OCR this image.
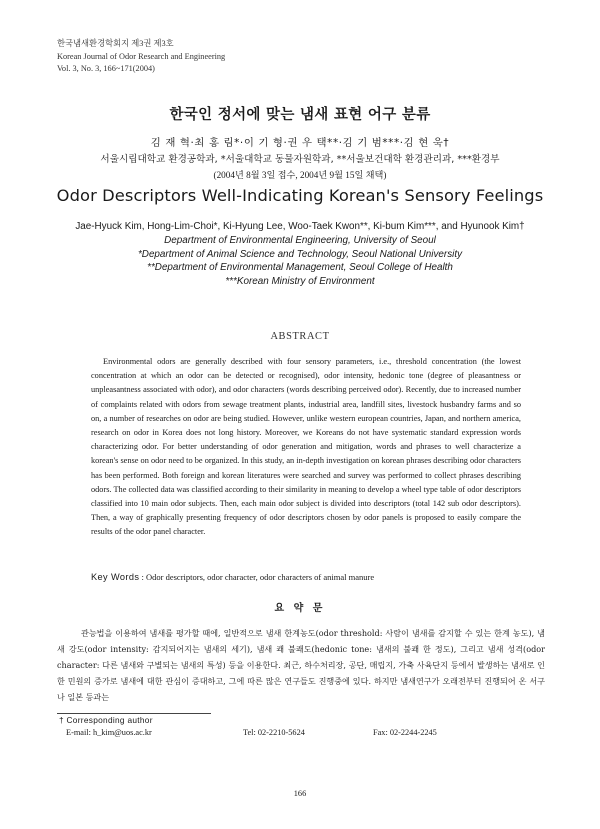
한국냄새환경학회지 제3권 제3호
Korean Journal of Odor Research and Engineering
Vol. 3, No. 3, 166~171(2004)
한국인 정서에 맞는 냄새 표현 어구 분류
김 재 혁·최 홍 림*·이 기 형·권 우 택**·김 기 범***·김 현 욱†
서울시립대학교 환경공학과, *서울대학교 동물자원학과, **서울보건대학 환경관리과, ***환경부
(2004년 8월 3일 접수, 2004년 9월 15일 채택)
Odor Descriptors Well-Indicating Korean's Sensory Feelings
Jae-Hyuck Kim, Hong-Lim-Choi*, Ki-Hyung Lee, Woo-Taek Kwon**, Ki-bum Kim***, and Hyunook Kim†
Department of Environmental Engineering, University of Seoul
*Department of Animal Science and Technology, Seoul National University
**Department of Environmental Management, Seoul College of Health
***Korean Ministry of Environment
ABSTRACT
Environmental odors are generally described with four sensory parameters, i.e., threshold concentration (the lowest concentration at which an odor can be detected or recognised), odor intensity, hedonic tone (degree of pleasantness or unpleasantness associated with odor), and odor characters (words describing perceived odor). Recently, due to increased number of complaints related with odors from sewage treatment plants, industrial area, landfill sites, livestock husbandry farms and so on, a number of researches on odor are being studied. However, unlike western european countries, Japan, and northern america, research on odor in Korea does not long history. Moreover, we Koreans do not have systematic standard expression words characterizing odor. For better understanding of odor generation and mitigation, words and phrases to well characterize a korean's sense on odor need to be organized. In this study, an in-depth investigation on korean phrases describing odor characters has been performed. Both foreign and korean literatures were searched and survey was performed to collect phrases describing odors. The collected data was classified according to their similarity in meaning to develop a wheel type table of odor descriptors classified into 10 main odor subjects. Then, each main odor subject is divided into descriptors (total 142 sub odor descriptors). Then, a way of graphically presenting frequency of odor descriptors chosen by odor panels is proposed to easily compare the results of the odor panel character.
Key Words : Odor descriptors, odor character, odor characters of animal manure
요 약 문
관능법을 이용하여 냄새를 평가할 때에, 일반적으로 냄새 한계농도(odor threshold: 사람이 냄새를 감지할 수 있는 한계 농도), 냄새 강도(odor intensity: 감지되어지는 냄새의 세기), 냄새 쾌 불쾌도(hedonic tone: 냄새의 불쾌 한 정도), 그리고 냄새 성격(odor character: 다른 냄새와 구별되는 냄새의 특성) 등을 이용한다. 최근, 하수처리장, 공단, 매립지, 가축 사육단지 등에서 발생하는 냄새로 인한 민원의 증가로 냄새에 대한 관심이 증대하고, 그에 따른 많은 연구들도 진행중에 있다. 하지만 냄새연구가 오래전부터 진행되어 온 서구나 일본 등과는
† Corresponding author
E-mail: h_kim@uos.ac.kr	Tel: 02-2210-5624	Fax: 02-2244-2245
166
